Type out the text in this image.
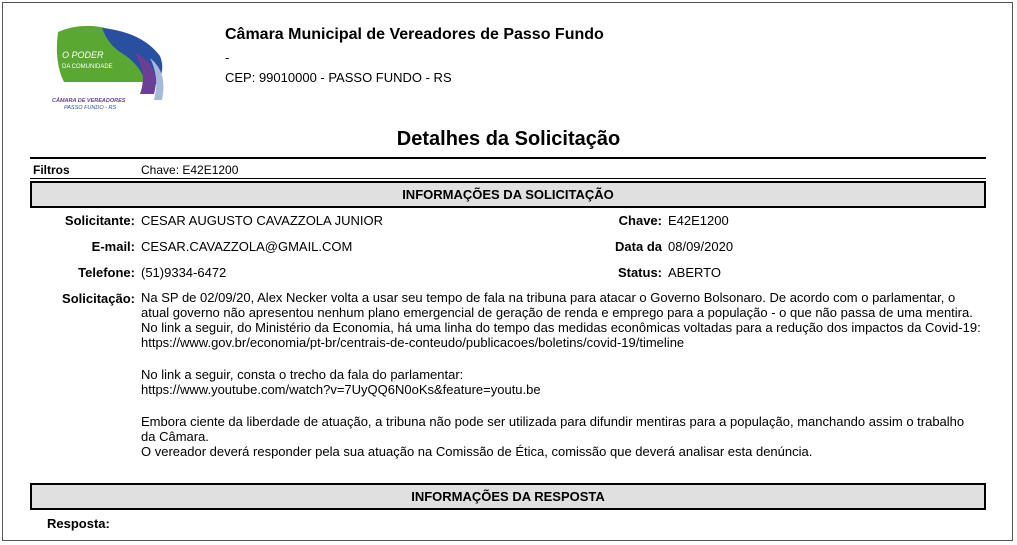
O PODER
DA COMUNIDADE
CÂMARA DE VEREADORES
PASSO FUNDO - RS
Câmara Municipal de Vereadores de Passo Fundo
-
CEP: 99010000 - PASSO FUNDO - RS
Detalhes da Solicitação
Filtros	Chave: E42E1200
INFORMAÇÕES DA SOLICITAÇÃO
Solicitante: CESAR AUGUSTO CAVAZZOLA JUNIOR	Chave: E42E1200
E-mail: CESAR.CAVAZZOLA@GMAIL.COM	Data da 08/09/2020
Telefone: (51)9334-6472	Status: ABERTO
Solicitação: Na SP de 02/09/20, Alex Necker volta a usar seu tempo de fala na tribuna para atacar o Governo Bolsonaro. De acordo com o parlamentar, o atual governo não apresentou nenhum plano emergencial de geração de renda e emprego para a população - o que não passa de uma mentira. No link a seguir, do Ministério da Economia, há uma linha do tempo das medidas econômicas voltadas para a redução dos impactos da Covid-19:

https://www.gov.br/economia/pt-br/centrais-de-conteudo/publicacoes/boletins/covid-19/timeline

No link a seguir, consta o trecho da fala do parlamentar:

https://www.youtube.com/watch?v=7UyQQ6N0oKs&feature=youtu.be

Embora ciente da liberdade de atuação, a tribuna não pode ser utilizada para difundir mentiras para a população, manchando assim o trabalho da Câmara.

O vereador deverá responder pela sua atuação na Comissão de Ética, comissão que deverá analisar esta denúncia.

INFORMAÇÕES DA RESPOSTA
Resposta:
